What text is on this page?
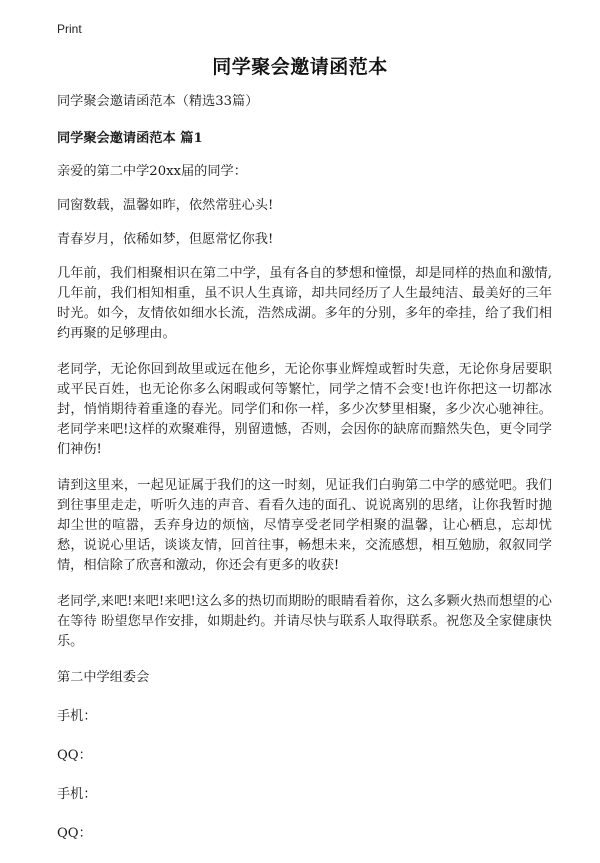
Print
同学聚会邀请函范本

同学聚会邀请函范本（精选33篇）

同学聚会邀请函范本 篇1

亲爱的第二中学20xx届的同学：

同窗数载，温馨如昨，依然常驻心头!

青春岁月，依稀如梦，但愿常忆你我!

几年前，我们相聚相识在第二中学，虽有各自的梦想和憧憬，却是同样的热血和激情,几年前，我们相知相重，虽不识人生真谛，却共同经历了人生最纯洁、最美好的三年时光。如今，友情依如细水长流，浩然成湖。多年的分别，多年的牵挂，给了我们相约再聚的足够理由。

老同学，无论你回到故里或远在他乡，无论你事业辉煌或暂时失意，无论你身居要职或平民百姓，也无论你多么闲暇或何等繁忙，同学之情不会变!也许你把这一切都冰封，悄悄期待着重逢的春光。同学们和你一样，多少次梦里相聚，多少次心驰神往。老同学来吧!这样的欢聚难得，别留遗憾，否则，会因你的缺席而黯然失色，更令同学们神伤!

请到这里来，一起见证属于我们的这一时刻，见证我们白驹第二中学的感觉吧。我们到往事里走走，听听久违的声音、看看久违的面孔、说说离别的思绪，让你我暂时抛却尘世的喧嚣，丢弃身边的烦恼，尽情享受老同学相聚的温馨，让心栖息，忘却忧愁，说说心里话，谈谈友情，回首往事，畅想未来，交流感想，相互勉励，叙叙同学情，相信除了欣喜和激动，你还会有更多的收获!

老同学,来吧!来吧!来吧!这么多的热切而期盼的眼睛看着你，这么多颗火热而想望的心在等待 盼望您早作安排，如期赴约。并请尽快与联系人取得联系。祝您及全家健康快乐。

第二中学组委会

手机：

QQ：

手机：

QQ：
